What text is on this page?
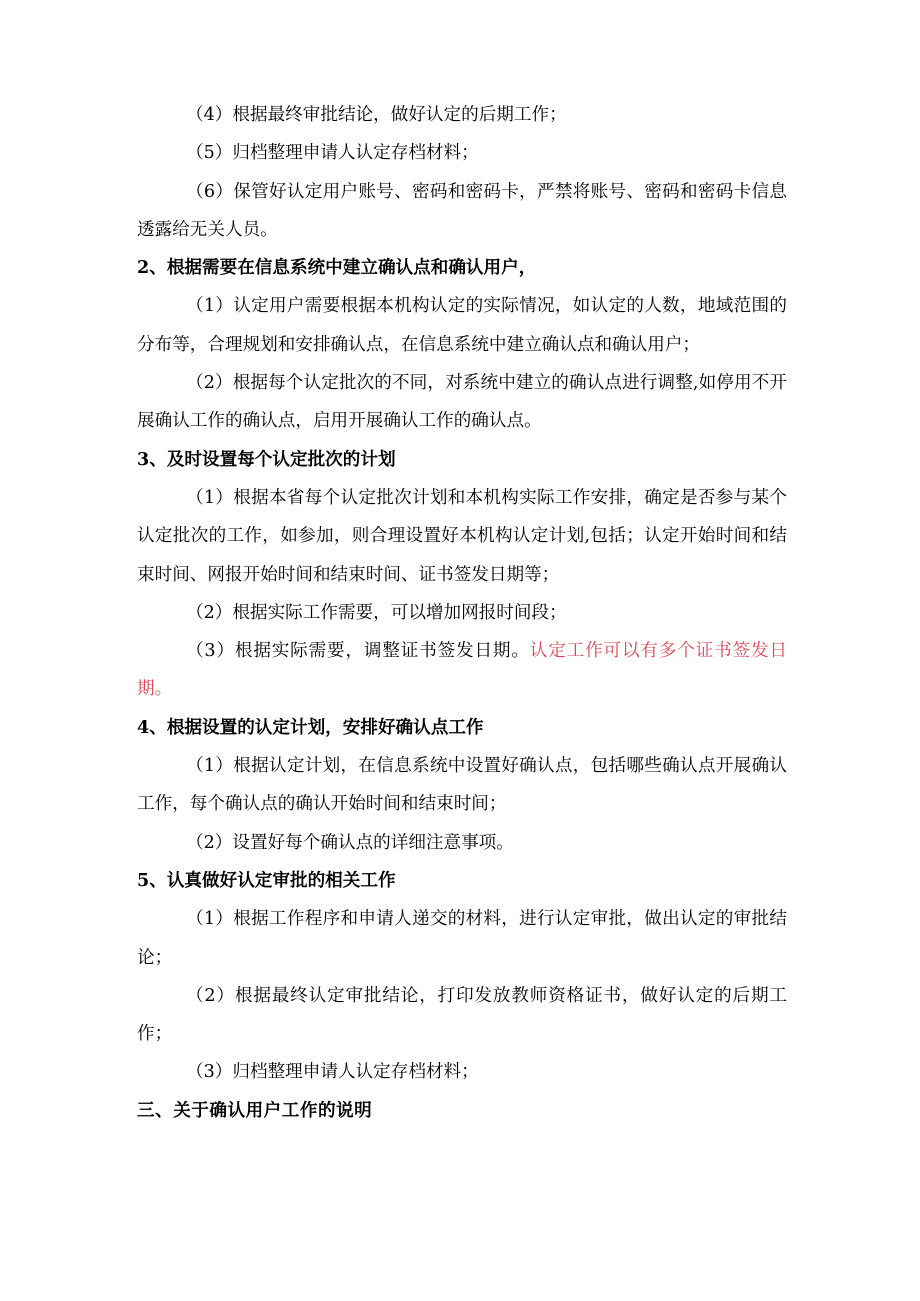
（4）根据最终审批结论，做好认定的后期工作；

（5）归档整理申请人认定存档材料；

（6）保管好认定用户账号、密码和密码卡，严禁将账号、密码和密码卡信息透露给无关人员。

2、根据需要在信息系统中建立确认点和确认用户，

（1）认定用户需要根据本机构认定的实际情况，如认定的人数，地域范围的分布等，合理规划和安排确认点，在信息系统中建立确认点和确认用户；

（2）根据每个认定批次的不同，对系统中建立的确认点进行调整,如停用不开展确认工作的确认点，启用开展确认工作的确认点。

3、及时设置每个认定批次的计划

（1）根据本省每个认定批次计划和本机构实际工作安排，确定是否参与某个认定批次的工作，如参加，则合理设置好本机构认定计划,包括；认定开始时间和结束时间、网报开始时间和结束时间、证书签发日期等；

（2）根据实际工作需要，可以增加网报时间段；

（3）根据实际需要，调整证书签发日期。认定工作可以有多个证书签发日期。

4、根据设置的认定计划，安排好确认点工作

（1）根据认定计划，在信息系统中设置好确认点，包括哪些确认点开展确认工作，每个确认点的确认开始时间和结束时间；

（2）设置好每个确认点的详细注意事项。

5、认真做好认定审批的相关工作

（1）根据工作程序和申请人递交的材料，进行认定审批，做出认定的审批结论；

（2）根据最终认定审批结论，打印发放教师资格证书，做好认定的后期工作；

（3）归档整理申请人认定存档材料；

三、关于确认用户工作的说明
